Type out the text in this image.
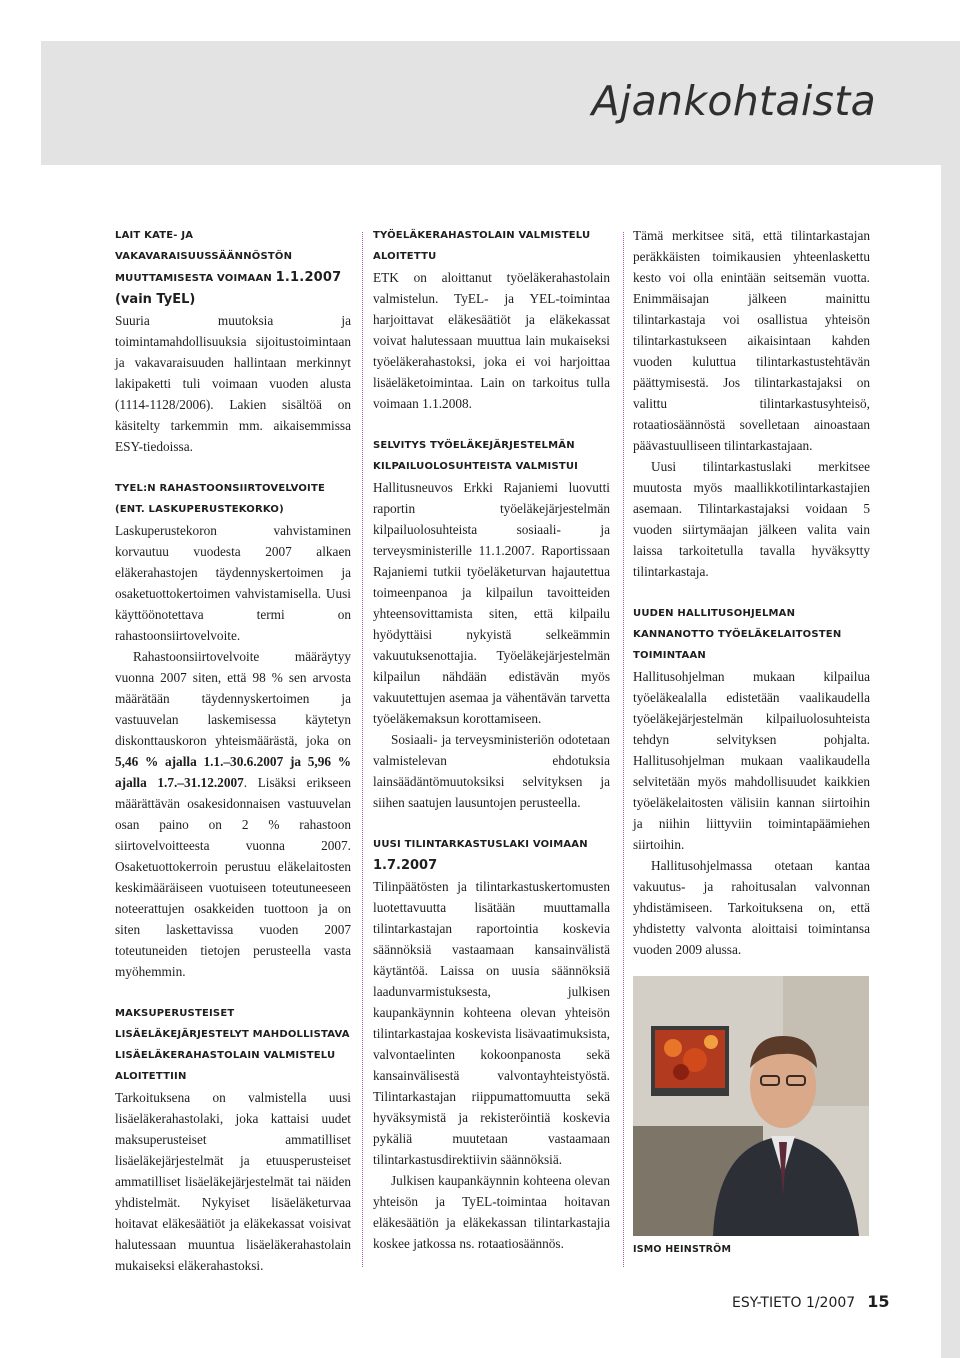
Ajankohtaista
LAIT KATE- JA VAKAVARAISUUSSÄÄNNÖSTÖN MUUTTAMISESTA VOIMAAN 1.1.2007
(vain TyEL)

Suuria muutoksia ja toimintamahdollisuuksia sijoitustoimintaan ja vakavaraisuuden hallintaan merkinnyt lakipaketti tuli voimaan vuoden alusta (1114-1128/2006). Lakien sisältöä on käsitelty tarkemmin mm. aikaisemmissa ESY-tiedoissa.

TYEL:N RAHASTOONSIIRTOVELVOITE (ENT. LASKUPERUSTEKORKO)

Laskuperustekoron vahvistaminen korvautuu vuodesta 2007 alkaen eläkerahastojen täydennyskertoimen ja osaketuottokertoimen vahvistamisella. Uusi käyttöönotettava termi on rahastoonsiirtovelvoite.

Rahastoonsiirtovelvoite määräytyy vuonna 2007 siten, että 98 % sen arvosta määrätään täydennyskertoimen ja vastuuvelan laskemisessa käytetyn diskonttauskoron yhteismäärästä, joka on 5,46 % ajalla 1.1.–30.6.2007 ja 5,96 % ajalla 1.7.–31.12.2007. Lisäksi erikseen määrättävän osakesidonnaisen vastuuvelan osan paino on 2 % rahastoon siirtovelvoitteesta vuonna 2007. Osaketuottokerroin perustuu eläkelaitosten keskimääräiseen vuotuiseen toteutuneeseen noteerattujen osakkeiden tuottoon ja on siten laskettavissa vuoden 2007 toteutuneiden tietojen perusteella vasta myöhemmin.

MAKSUPERUSTEISET LISÄELÄKEJÄRJESTELYT MAHDOLLISTAVA LISÄELÄKERAHASTOLAIN VALMISTELU ALOITETTIIN

Tarkoituksena on valmistella uusi lisäeläkerahastolaki, joka kattaisi uudet maksuperusteiset ammatilliset lisäeläkejärjestelmät ja etuusperusteiset ammatilliset lisäeläkejärjestelmät tai näiden yhdistelmät. Nykyiset lisäeläketurvaa hoitavat eläkesäätiöt ja eläkekassat voisivat halutessaan muuntua lisäeläkerahastolain mukaiseksi eläkerahastoksi.

TYÖELÄKERAHASTOLAIN VALMISTELU ALOITETTU

ETK on aloittanut työeläkerahastolain valmistelun. TyEL- ja YEL-toimintaa harjoittavat eläkesäätiöt ja eläkekassat voivat halutessaan muuttua lain mukaiseksi työeläkerahastoksi, joka ei voi harjoittaa lisäeläketoimintaa. Lain on tarkoitus tulla voimaan 1.1.2008.

SELVITYS TYÖELÄKEJÄRJESTELMÄN KILPAILUOLOSUHTEISTA VALMISTUI

Hallitusneuvos Erkki Rajaniemi luovutti raportin työeläkejärjestelmän kilpailuolosuhteista sosiaali- ja terveysministerille 11.1.2007. Raportissaan Rajaniemi tutkii työeläketurvan hajautettua toimeenpanoa ja kilpailun tavoitteiden yhteensovittamista siten, että kilpailu hyödyttäisi nykyistä selkeämmin vakuutuksenottajia. Työeläkejärjestelmän kilpailun nähdään edistävän myös vakuutettujen asemaa ja vähentävän tarvetta työeläkemaksun korottamiseen.

Sosiaali- ja terveysministeriön odotetaan valmistelevan ehdotuksia lainsäädäntömuutoksiksi selvityksen ja siihen saatujen lausuntojen perusteella.

UUSI TILINTARKASTUSLAKI VOIMAAN
1.7.2007

Tilinpäätösten ja tilintarkastuskertomusten luotettavuutta lisätään muuttamalla tilintarkastajan raportointia koskevia säännöksiä vastaamaan kansainvälistä käytäntöä. Laissa on uusia säännöksiä laadunvarmistuksesta, julkisen kaupankäynnin kohteena olevan yhteisön tilintarkastajaa koskevista lisävaatimuksista, valvontaelinten kokoonpanosta sekä kansainvälisestä valvontayhteistyöstä. Tilintarkastajan riippumattomuutta sekä hyväksymistä ja rekisteröintiä koskevia pykäliä muutetaan vastaamaan tilintarkastusdirektiivin säännöksiä.

Julkisen kaupankäynnin kohteena olevan yhteisön ja TyEL-toimintaa hoitavan eläkesäätiön ja eläkekassan tilintarkastajia koskee jatkossa ns. rotaatiosäännös.

Tämä merkitsee sitä, että tilintarkastajan peräkkäisten toimikausien yhteenlaskettu kesto voi olla enintään seitsemän vuotta. Enimmäisajan jälkeen mainittu tilintarkastaja voi osallistua yhteisön tilintarkastukseen aikaisintaan kahden vuoden kuluttua tilintarkastustehtävän päättymisestä. Jos tilintarkastajaksi on valittu tilintarkastusyhteisö, rotaatiosäännöstä sovelletaan ainoastaan päävastuulliseen tilintarkastajaan.

Uusi tilintarkastuslaki merkitsee muutosta myös maallikkotilintarkastajien asemaan. Tilintarkastajaksi voidaan 5 vuoden siirtymäajan jälkeen valita vain laissa tarkoitetulla tavalla hyväksytty tilintarkastaja.

UUDEN HALLITUSOHJELMAN KANNANOTTO TYÖELÄKELAITOSTEN TOIMINTAAN

Hallitusohjelman mukaan kilpailua työeläkealalla edistetään vaalikaudella työeläkejärjestelmän kilpailuolosuhteista tehdyn selvityksen pohjalta. Hallitusohjelman mukaan vaalikaudella selvitetään myös mahdollisuudet kaikkien työeläkelaitosten välisiin kannan siirtoihin ja niihin liittyviin toimintapäämiehen siirtoihin.

Hallitusohjelmassa otetaan kantaa vakuutus- ja rahoitusalan valvonnan yhdistämiseen. Tarkoituksena on, että yhdistetty valvonta aloittaisi toimintansa vuoden 2009 alussa.

ISMO HEINSTRÖM
ESY-TIETO 1/2007 15
